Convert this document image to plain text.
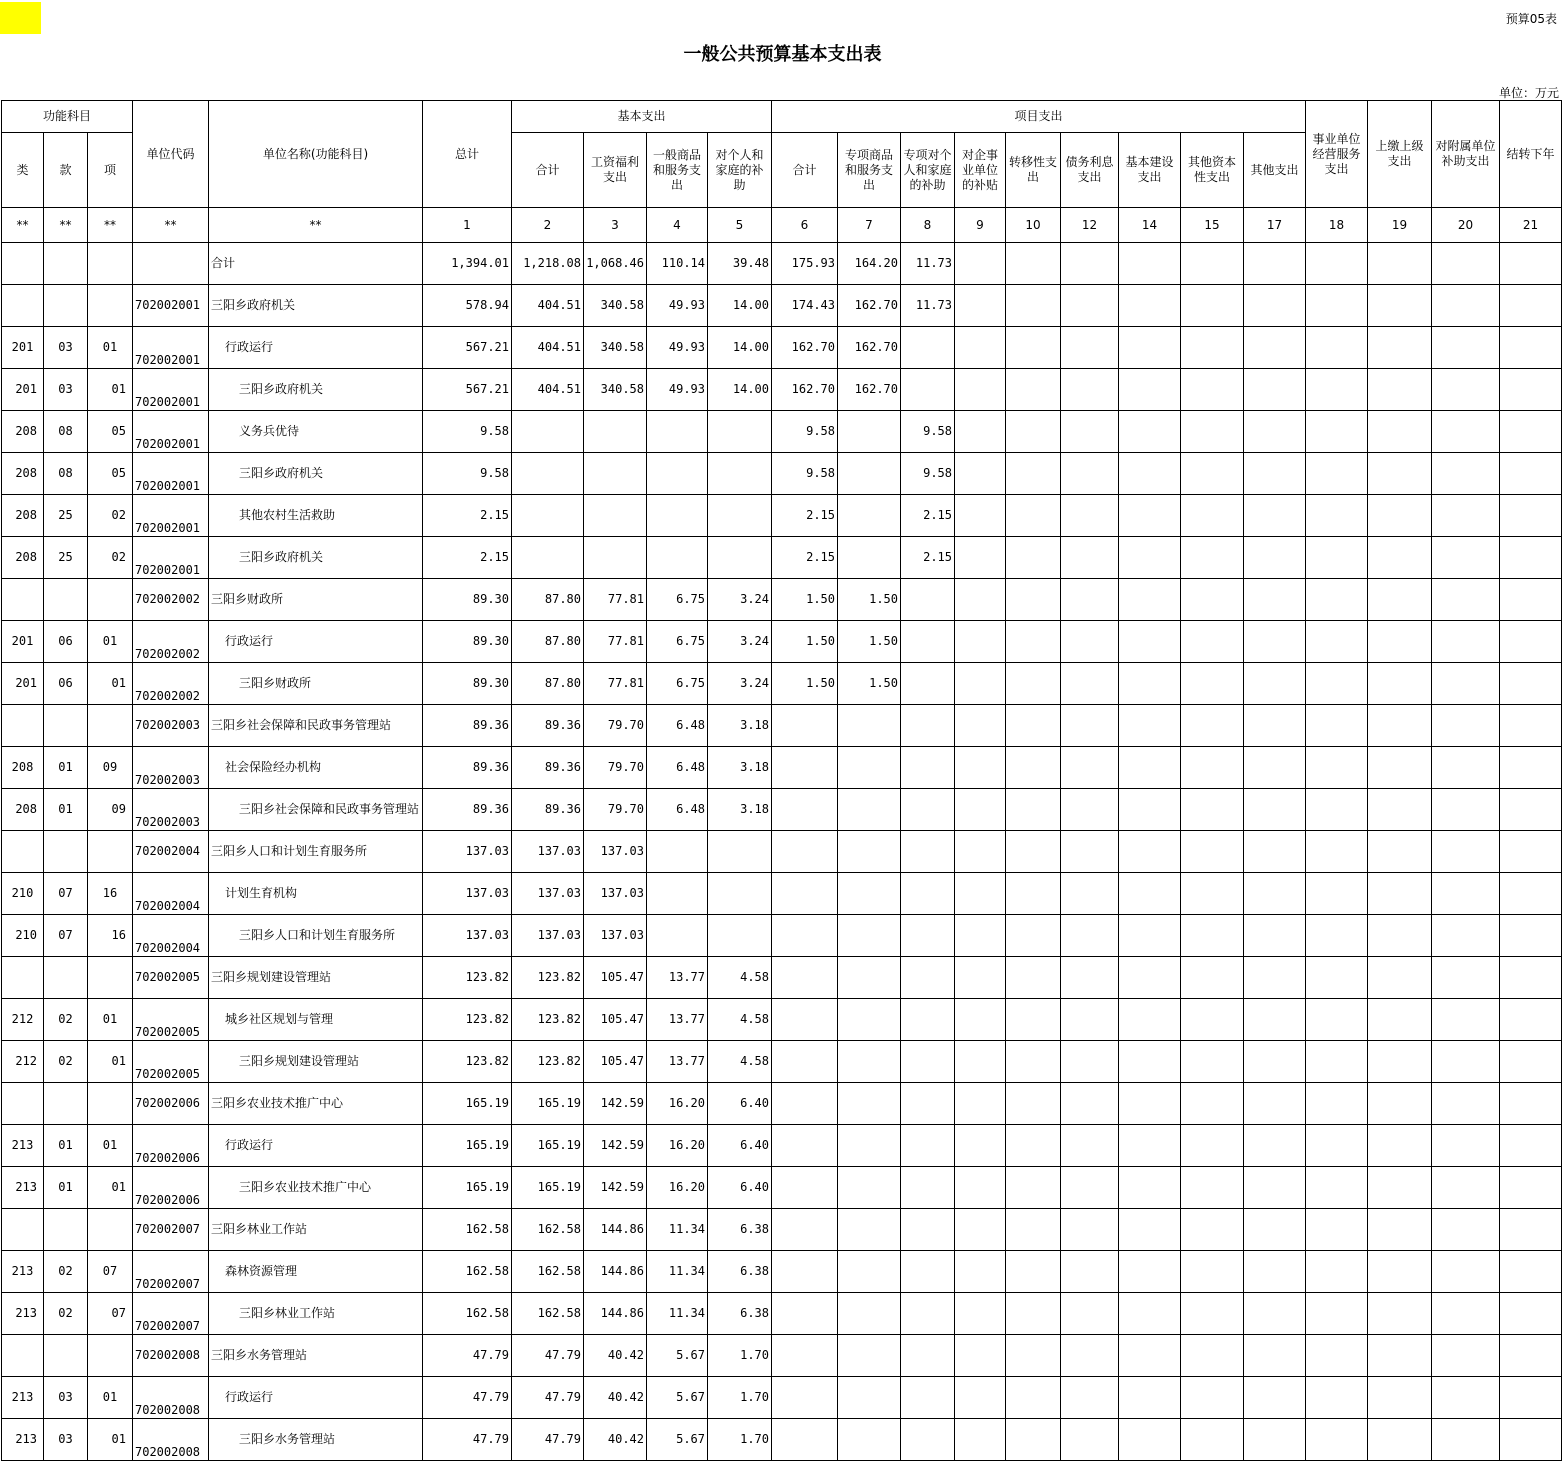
预算05表
一般公共预算基本支出表
单位：万元
功能科目			单位代码	单位名称(功能科目)	总计	基本支出				项目支出									事业单位经营服务支出	上缴上级支出	对附属单位补助支出	结转下年
类	款	项				合计	工资福利支出	一般商品和服务支出	对个人和家庭的补助	合计	专项商品和服务支出	专项对个人和家庭的补助	对企事业单位的补贴	转移性支出	债务利息支出	基本建设支出	其他资本性支出	其他支出				
**	**	**	**	**	1	2	3	4	5	6	7	8	9	10	12	14	15	17	18	19	20	21
				合计	1,394.01	1,218.08	1,068.46	110.14	39.48	175.93	164.20	11.73										
			702002001	三阳乡政府机关	578.94	404.51	340.58	49.93	14.00	174.43	162.70	11.73										
201	03	01	702002001	行政运行	567.21	404.51	340.58	49.93	14.00	162.70	162.70											
201	03	01	702002001	三阳乡政府机关	567.21	404.51	340.58	49.93	14.00	162.70	162.70											
208	08	05	702002001	义务兵优待	9.58					9.58		9.58										
208	08	05	702002001	三阳乡政府机关	9.58					9.58		9.58										
208	25	02	702002001	其他农村生活救助	2.15					2.15		2.15										
208	25	02	702002001	三阳乡政府机关	2.15					2.15		2.15										
			702002002	三阳乡财政所	89.30	87.80	77.81	6.75	3.24	1.50	1.50											
201	06	01	702002002	行政运行	89.30	87.80	77.81	6.75	3.24	1.50	1.50											
201	06	01	702002002	三阳乡财政所	89.30	87.80	77.81	6.75	3.24	1.50	1.50											
			702002003	三阳乡社会保障和民政事务管理站	89.36	89.36	79.70	6.48	3.18													
208	01	09	702002003	社会保险经办机构	89.36	89.36	79.70	6.48	3.18													
208	01	09	702002003	三阳乡社会保障和民政事务管理站	89.36	89.36	79.70	6.48	3.18													
			702002004	三阳乡人口和计划生育服务所	137.03	137.03	137.03															
210	07	16	702002004	计划生育机构	137.03	137.03	137.03															
210	07	16	702002004	三阳乡人口和计划生育服务所	137.03	137.03	137.03															
			702002005	三阳乡规划建设管理站	123.82	123.82	105.47	13.77	4.58													
212	02	01	702002005	城乡社区规划与管理	123.82	123.82	105.47	13.77	4.58													
212	02	01	702002005	三阳乡规划建设管理站	123.82	123.82	105.47	13.77	4.58													
			702002006	三阳乡农业技术推广中心	165.19	165.19	142.59	16.20	6.40													
213	01	01	702002006	行政运行	165.19	165.19	142.59	16.20	6.40													
213	01	01	702002006	三阳乡农业技术推广中心	165.19	165.19	142.59	16.20	6.40													
			702002007	三阳乡林业工作站	162.58	162.58	144.86	11.34	6.38													
213	02	07	702002007	森林资源管理	162.58	162.58	144.86	11.34	6.38													
213	02	07	702002007	三阳乡林业工作站	162.58	162.58	144.86	11.34	6.38													
			702002008	三阳乡水务管理站	47.79	47.79	40.42	5.67	1.70													
213	03	01	702002008	行政运行	47.79	47.79	40.42	5.67	1.70													
213	03	01	702002008	三阳乡水务管理站	47.79	47.79	40.42	5.67	1.70													
